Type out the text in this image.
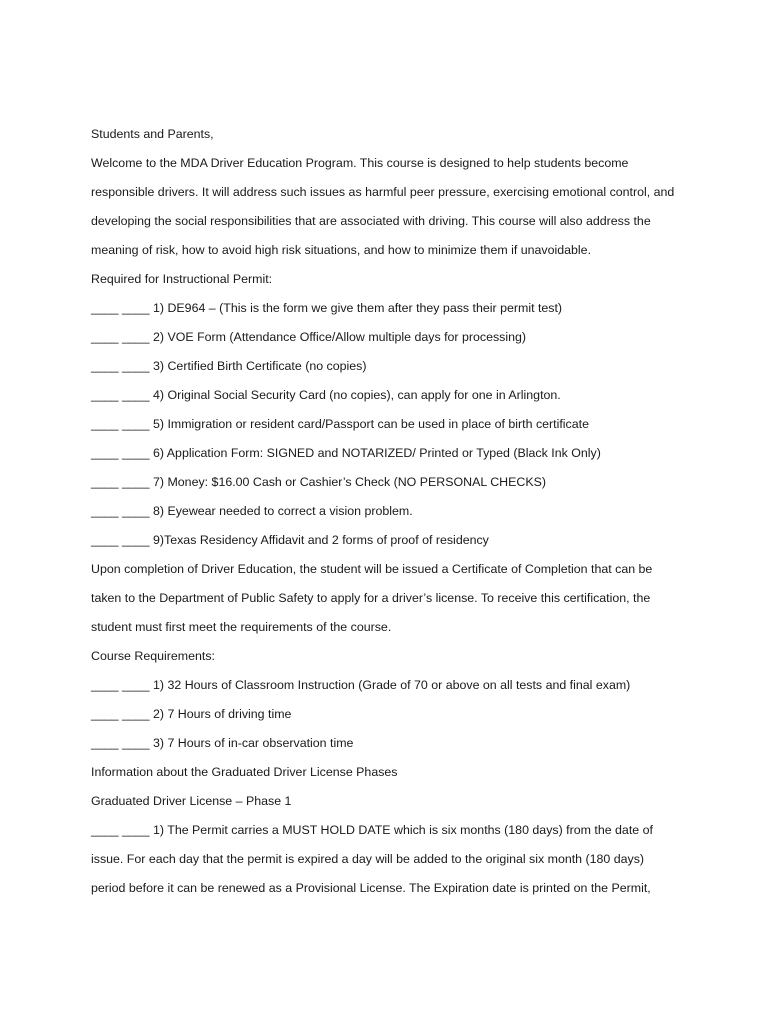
Students and Parents,

Welcome to the MDA Driver Education Program. This course is designed to help students become

responsible drivers. It will address such issues as harmful peer pressure, exercising emotional control, and

developing the social responsibilities that are associated with driving. This course will also address the

meaning of risk, how to avoid high risk situations, and how to minimize them if unavoidable.

Required for Instructional Permit:

____ ____ 1) DE964 – (This is the form we give them after they pass their permit test)

____ ____ 2) VOE Form (Attendance Office/Allow multiple days for processing)

____ ____ 3) Certified Birth Certificate (no copies)

____ ____ 4) Original Social Security Card (no copies), can apply for one in Arlington.

____ ____ 5) Immigration or resident card/Passport can be used in place of birth certificate

____ ____ 6) Application Form: SIGNED and NOTARIZED/ Printed or Typed (Black Ink Only)

____ ____ 7) Money: $16.00 Cash or Cashier’s Check (NO PERSONAL CHECKS)

____ ____ 8) Eyewear needed to correct a vision problem.

____ ____ 9)Texas Residency Affidavit and 2 forms of proof of residency

Upon completion of Driver Education, the student will be issued a Certificate of Completion that can be

taken to the Department of Public Safety to apply for a driver’s license. To receive this certification, the

student must first meet the requirements of the course.

Course Requirements:

____ ____ 1) 32 Hours of Classroom Instruction (Grade of 70 or above on all tests and final exam)

____ ____ 2) 7 Hours of driving time

____ ____ 3) 7 Hours of in-car observation time

Information about the Graduated Driver License Phases

Graduated Driver License – Phase 1

____ ____ 1) The Permit carries a MUST HOLD DATE which is six months (180 days) from the date of

issue. For each day that the permit is expired a day will be added to the original six month (180 days)

period before it can be renewed as a Provisional License. The Expiration date is printed on the Permit,
